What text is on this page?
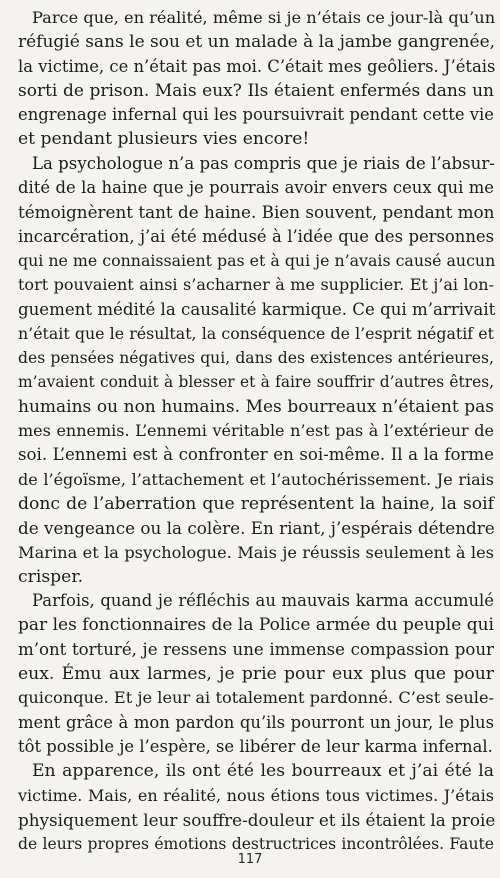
Parce que, en réalité, même si je n’étais ce jour-là qu’un
réfugié sans le sou et un malade à la jambe gangrenée,
la victime, ce n’était pas moi. C’était mes geôliers. J’étais
sorti de prison. Mais eux? Ils étaient enfermés dans un
engrenage infernal qui les poursuivrait pendant cette vie
et pendant plusieurs vies encore!

La psychologue n’a pas compris que je riais de l’absur-
dité de la haine que je pourrais avoir envers ceux qui me
témoignèrent tant de haine. Bien souvent, pendant mon
incarcération, j’ai été médusé à l’idée que des personnes
qui ne me connaissaient pas et à qui je n’avais causé aucun
tort pouvaient ainsi s’acharner à me supplicier. Et j’ai lon-
guement médité la causalité karmique. Ce qui m’arrivait
n’était que le résultat, la conséquence de l’esprit négatif et
des pensées négatives qui, dans des existences antérieures,
m’avaient conduit à blesser et à faire souffrir d’autres êtres,
humains ou non humains. Mes bourreaux n’étaient pas
mes ennemis. L’ennemi véritable n’est pas à l’extérieur de
soi. L’ennemi est à confronter en soi-même. Il a la forme
de l’égoïsme, l’attachement et l’autochérissement. Je riais
donc de l’aberration que représentent la haine, la soif
de vengeance ou la colère. En riant, j’espérais détendre
Marina et la psychologue. Mais je réussis seulement à les
crisper.

Parfois, quand je réfléchis au mauvais karma accumulé
par les fonctionnaires de la Police armée du peuple qui
m’ont torturé, je ressens une immense compassion pour
eux. Ému aux larmes, je prie pour eux plus que pour
quiconque. Et je leur ai totalement pardonné. C’est seule-
ment grâce à mon pardon qu’ils pourront un jour, le plus
tôt possible je l’espère, se libérer de leur karma infernal.

En apparence, ils ont été les bourreaux et j’ai été la
victime. Mais, en réalité, nous étions tous victimes. J’étais
physiquement leur souffre-douleur et ils étaient la proie
de leurs propres émotions destructrices incontrôlées. Faute

117
